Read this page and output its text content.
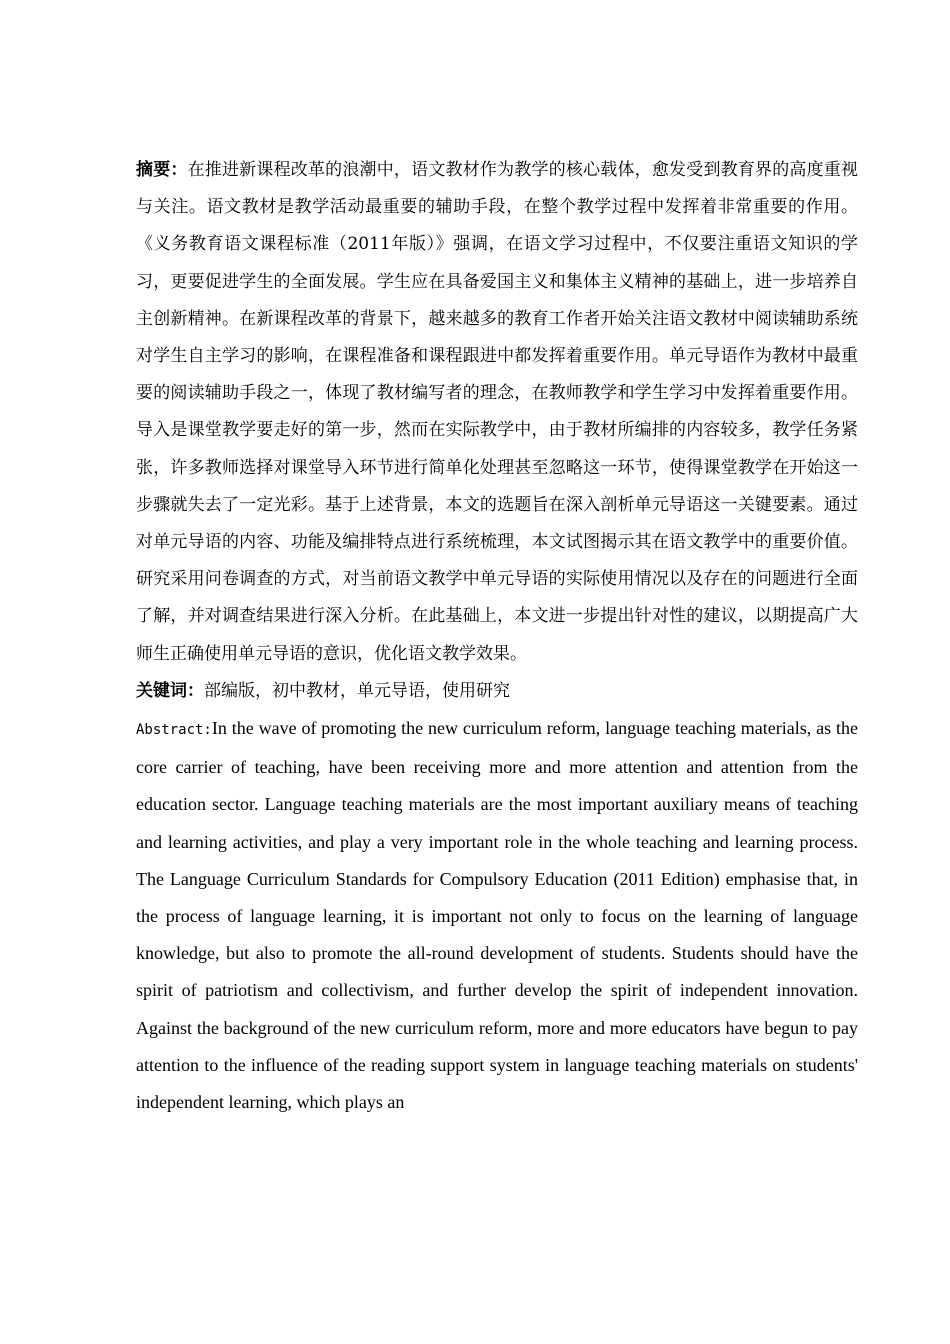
摘要：在推进新课程改革的浪潮中，语文教材作为教学的核心载体，愈发受到教育界的高度重视与关注。语文教材是教学活动最重要的辅助手段，在整个教学过程中发挥着非常重要的作用。《义务教育语文课程标准（2011年版）》强调，在语文学习过程中，不仅要注重语文知识的学习，更要促进学生的全面发展。学生应在具备爱国主义和集体主义精神的基础上，进一步培养自主创新精神。在新课程改革的背景下，越来越多的教育工作者开始关注语文教材中阅读辅助系统对学生自主学习的影响，在课程准备和课程跟进中都发挥着重要作用。单元导语作为教材中最重要的阅读辅助手段之一，体现了教材编写者的理念，在教师教学和学生学习中发挥着重要作用。导入是课堂教学要走好的第一步，然而在实际教学中，由于教材所编排的内容较多，教学任务紧张，许多教师选择对课堂导入环节进行简单化处理甚至忽略这一环节，使得课堂教学在开始这一步骤就失去了一定光彩。基于上述背景，本文的选题旨在深入剖析单元导语这一关键要素。通过对单元导语的内容、功能及编排特点进行系统梳理，本文试图揭示其在语文教学中的重要价值。研究采用问卷调查的方式，对当前语文教学中单元导语的实际使用情况以及存在的问题进行全面了解，并对调查结果进行深入分析。在此基础上，本文进一步提出针对性的建议，以期提高广大师生正确使用单元导语的意识，优化语文教学效果。

关键词：部编版，初中教材，单元导语，使用研究

Abstract:In the wave of promoting the new curriculum reform, language teaching materials, as the core carrier of teaching, have been receiving more and more attention and attention from the education sector. Language teaching materials are the most important auxiliary means of teaching and learning activities, and play a very important role in the whole teaching and learning process. The Language Curriculum Standards for Compulsory Education (2011 Edition) emphasise that, in the process of language learning, it is important not only to focus on the learning of language knowledge, but also to promote the all-round development of students. Students should have the spirit of patriotism and collectivism, and further develop the spirit of independent innovation. Against the background of the new curriculum reform, more and more educators have begun to pay attention to the influence of the reading support system in language teaching materials on students' independent learning, which plays an
